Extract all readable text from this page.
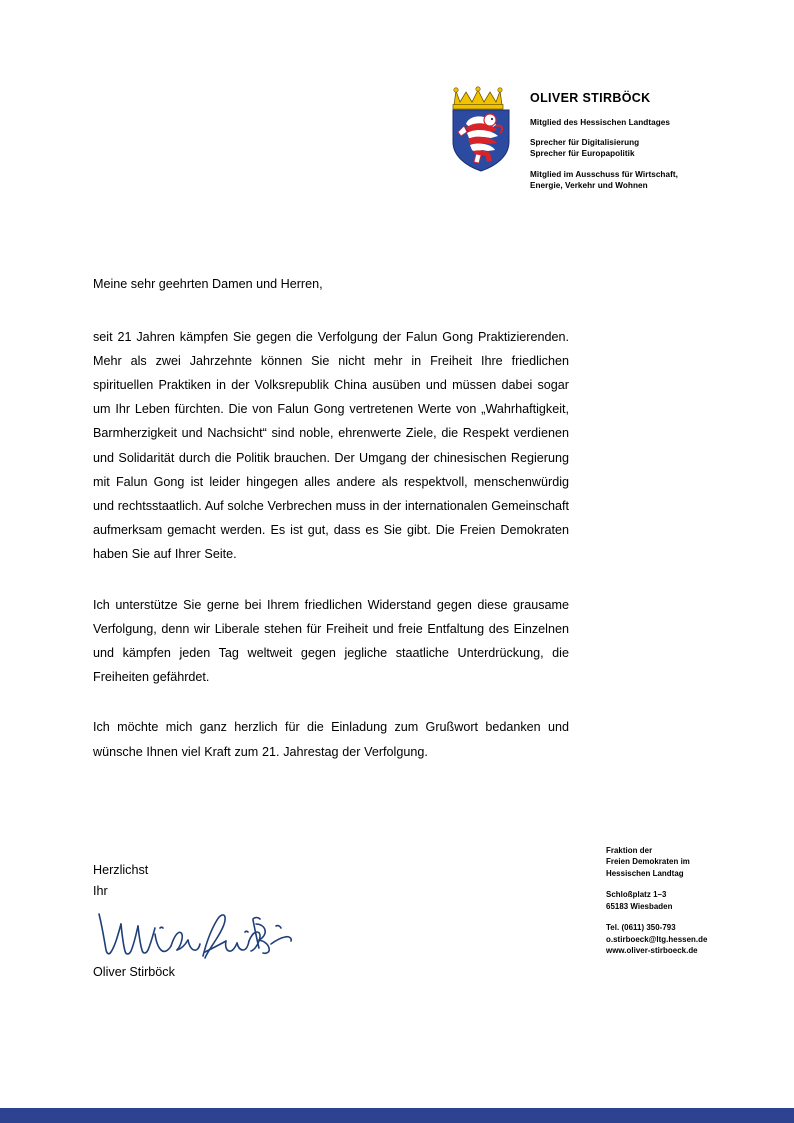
OLIVER STIRBÖCK
Mitglied des Hessischen Landtages
Sprecher für Digitalisierung
Sprecher für Europapolitik
Mitglied im Ausschuss für Wirtschaft,
Energie, Verkehr und Wohnen
Meine sehr geehrten Damen und Herren,

seit 21 Jahren kämpfen Sie gegen die Verfolgung der Falun Gong Praktizierenden. Mehr als zwei Jahrzehnte können Sie nicht mehr in Freiheit Ihre friedlichen spirituellen Praktiken in der Volksrepublik China ausüben und müssen dabei sogar um Ihr Leben fürchten. Die von Falun Gong vertretenen Werte von „Wahrhaftigkeit, Barmherzigkeit und Nachsicht“ sind noble, ehrenwerte Ziele, die Respekt verdienen und Solidarität durch die Politik brauchen. Der Umgang der chinesischen Regierung mit Falun Gong ist leider hingegen alles andere als respektvoll, menschenwürdig und rechtsstaatlich. Auf solche Verbrechen muss in der internationalen Gemeinschaft aufmerksam gemacht werden. Es ist gut, dass es Sie gibt. Die Freien Demokraten haben Sie auf Ihrer Seite.

Ich unterstütze Sie gerne bei Ihrem friedlichen Widerstand gegen diese grausame Verfolgung, denn wir Liberale stehen für Freiheit und freie Entfaltung des Einzelnen und kämpfen jeden Tag weltweit gegen jegliche staatliche Unterdrückung, die Freiheiten gefährdet.

Ich möchte mich ganz herzlich für die Einladung zum Grußwort bedanken und wünsche Ihnen viel Kraft zum 21. Jahrestag der Verfolgung.

Herzlichst
Ihr
Oliver Stirböck
Fraktion der
Freien Demokraten im
Hessischen Landtag
Schloßplatz 1–3
65183 Wiesbaden
Tel. (0611) 350-793
o.stirboeck@ltg.hessen.de
www.oliver-stirboeck.de
